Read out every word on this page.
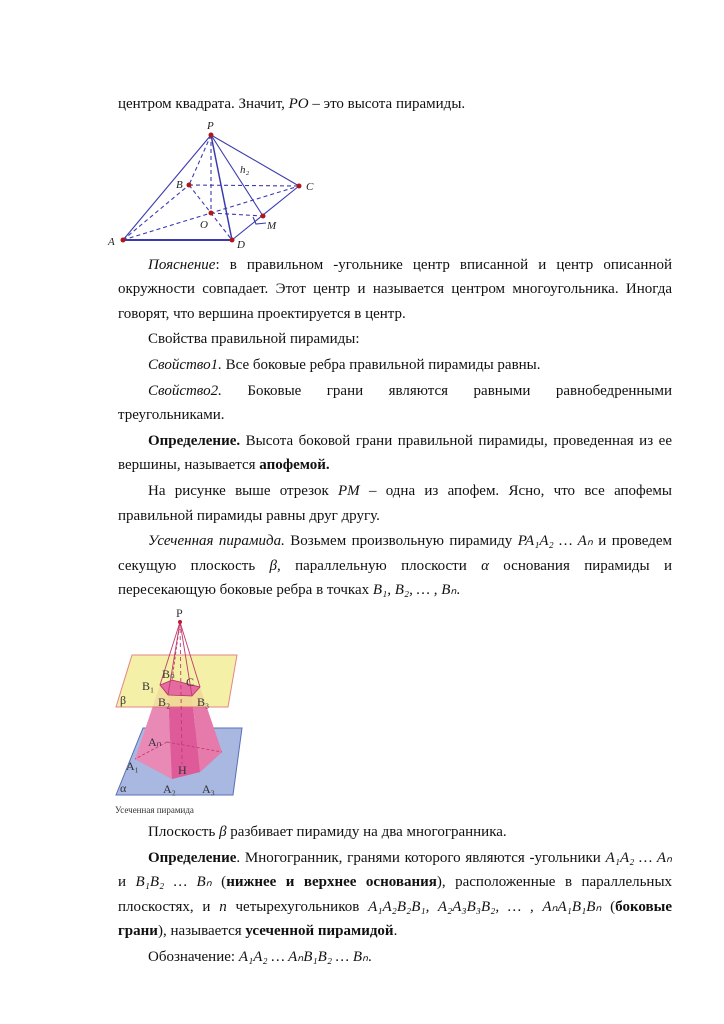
центром квадрата. Значит, PO – это высота пирамиды.

P
B	C
O	M
A	D
h₂

Пояснение: в правильном -угольнике центр вписанной и центр описанной окружности совпадает. Этот центр и называется центром многоугольника. Иногда говорят, что вершина проектируется в центр.

Свойства правильной пирамиды:

Свойство1. Все боковые ребра правильной пирамиды равны.

Свойство2. Боковые грани являются равными равнобедренными треугольниками.

Определение. Высота боковой грани правильной пирамиды, проведенная из ее вершины, называется апофемой.

На рисунке выше отрезок PM – одна из апофем. Ясно, что все апофемы правильной пирамиды равны друг другу.

Усеченная пирамида. Возьмем произвольную пирамиду PA₁A₂ … Aₙ и проведем секущую плоскость β, параллельную плоскости α основания пирамиды и пересекающую боковые ребра в точках B₁, B₂, … , Bₙ.

P
Bₙ
C
B₁
B₂ B₃
β
Aₙ
A₁	H
α	A₂ A₃
Усеченная пирамида

Плоскость β разбивает пирамиду на два многогранника.

Определение. Многогранник, гранями которого являются -угольники A₁A₂ … Aₙ и B₁B₂ … Bₙ (нижнее и верхнее основания), расположенные в параллельных плоскостях, и n четырехугольников A₁A₂B₂B₁, A₂A₃B₃B₂, … , AₙA₁B₁Bₙ (боковые грани), называется усеченной пирамидой.

Обозначение: A₁A₂ … AₙB₁B₂ … Bₙ.
